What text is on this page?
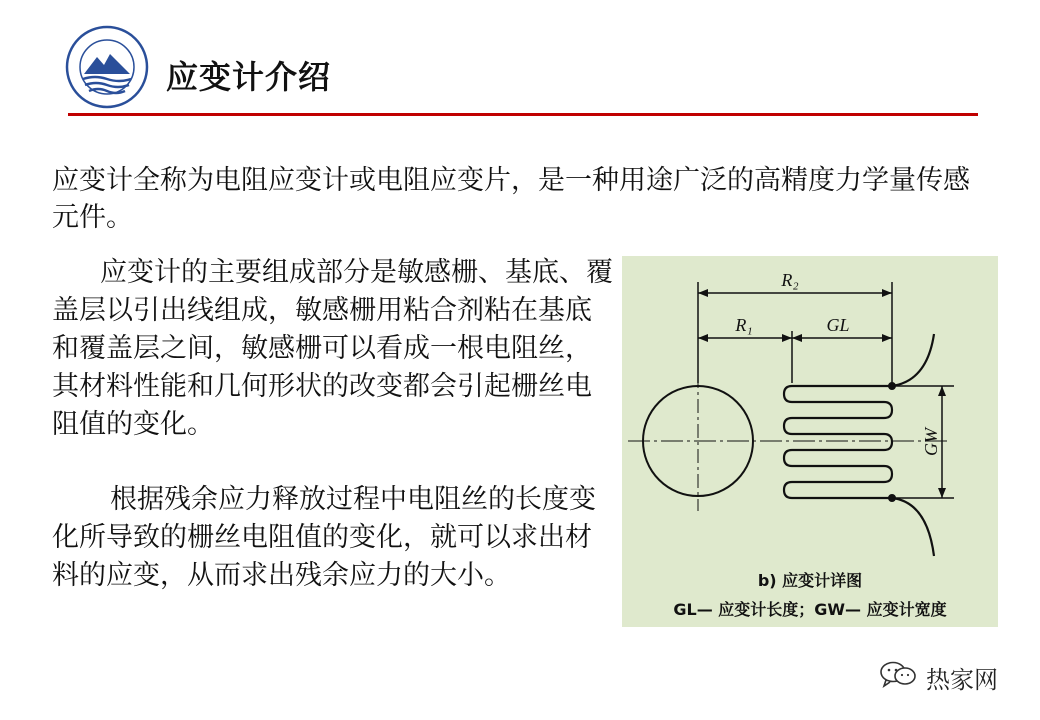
应变计介绍
应变计全称为电阻应变计或电阻应变片，是一种用途广泛的高精度力学量传感元件。
应变计的主要组成部分是敏感栅、基底、覆盖层以引出线组成，敏感栅用粘合剂粘在基底和覆盖层之间，敏感栅可以看成一根电阻丝，其材料性能和几何形状的改变都会引起栅丝电阻值的变化。
根据残余应力释放过程中电阻丝的长度变化所导致的栅丝电阻值的变化，就可以求出材料的应变，从而求出残余应力的大小。
R₂
R₁	GL
GW
b) 应变计详图
GL— 应变计长度；GW— 应变计宽度
热家网
